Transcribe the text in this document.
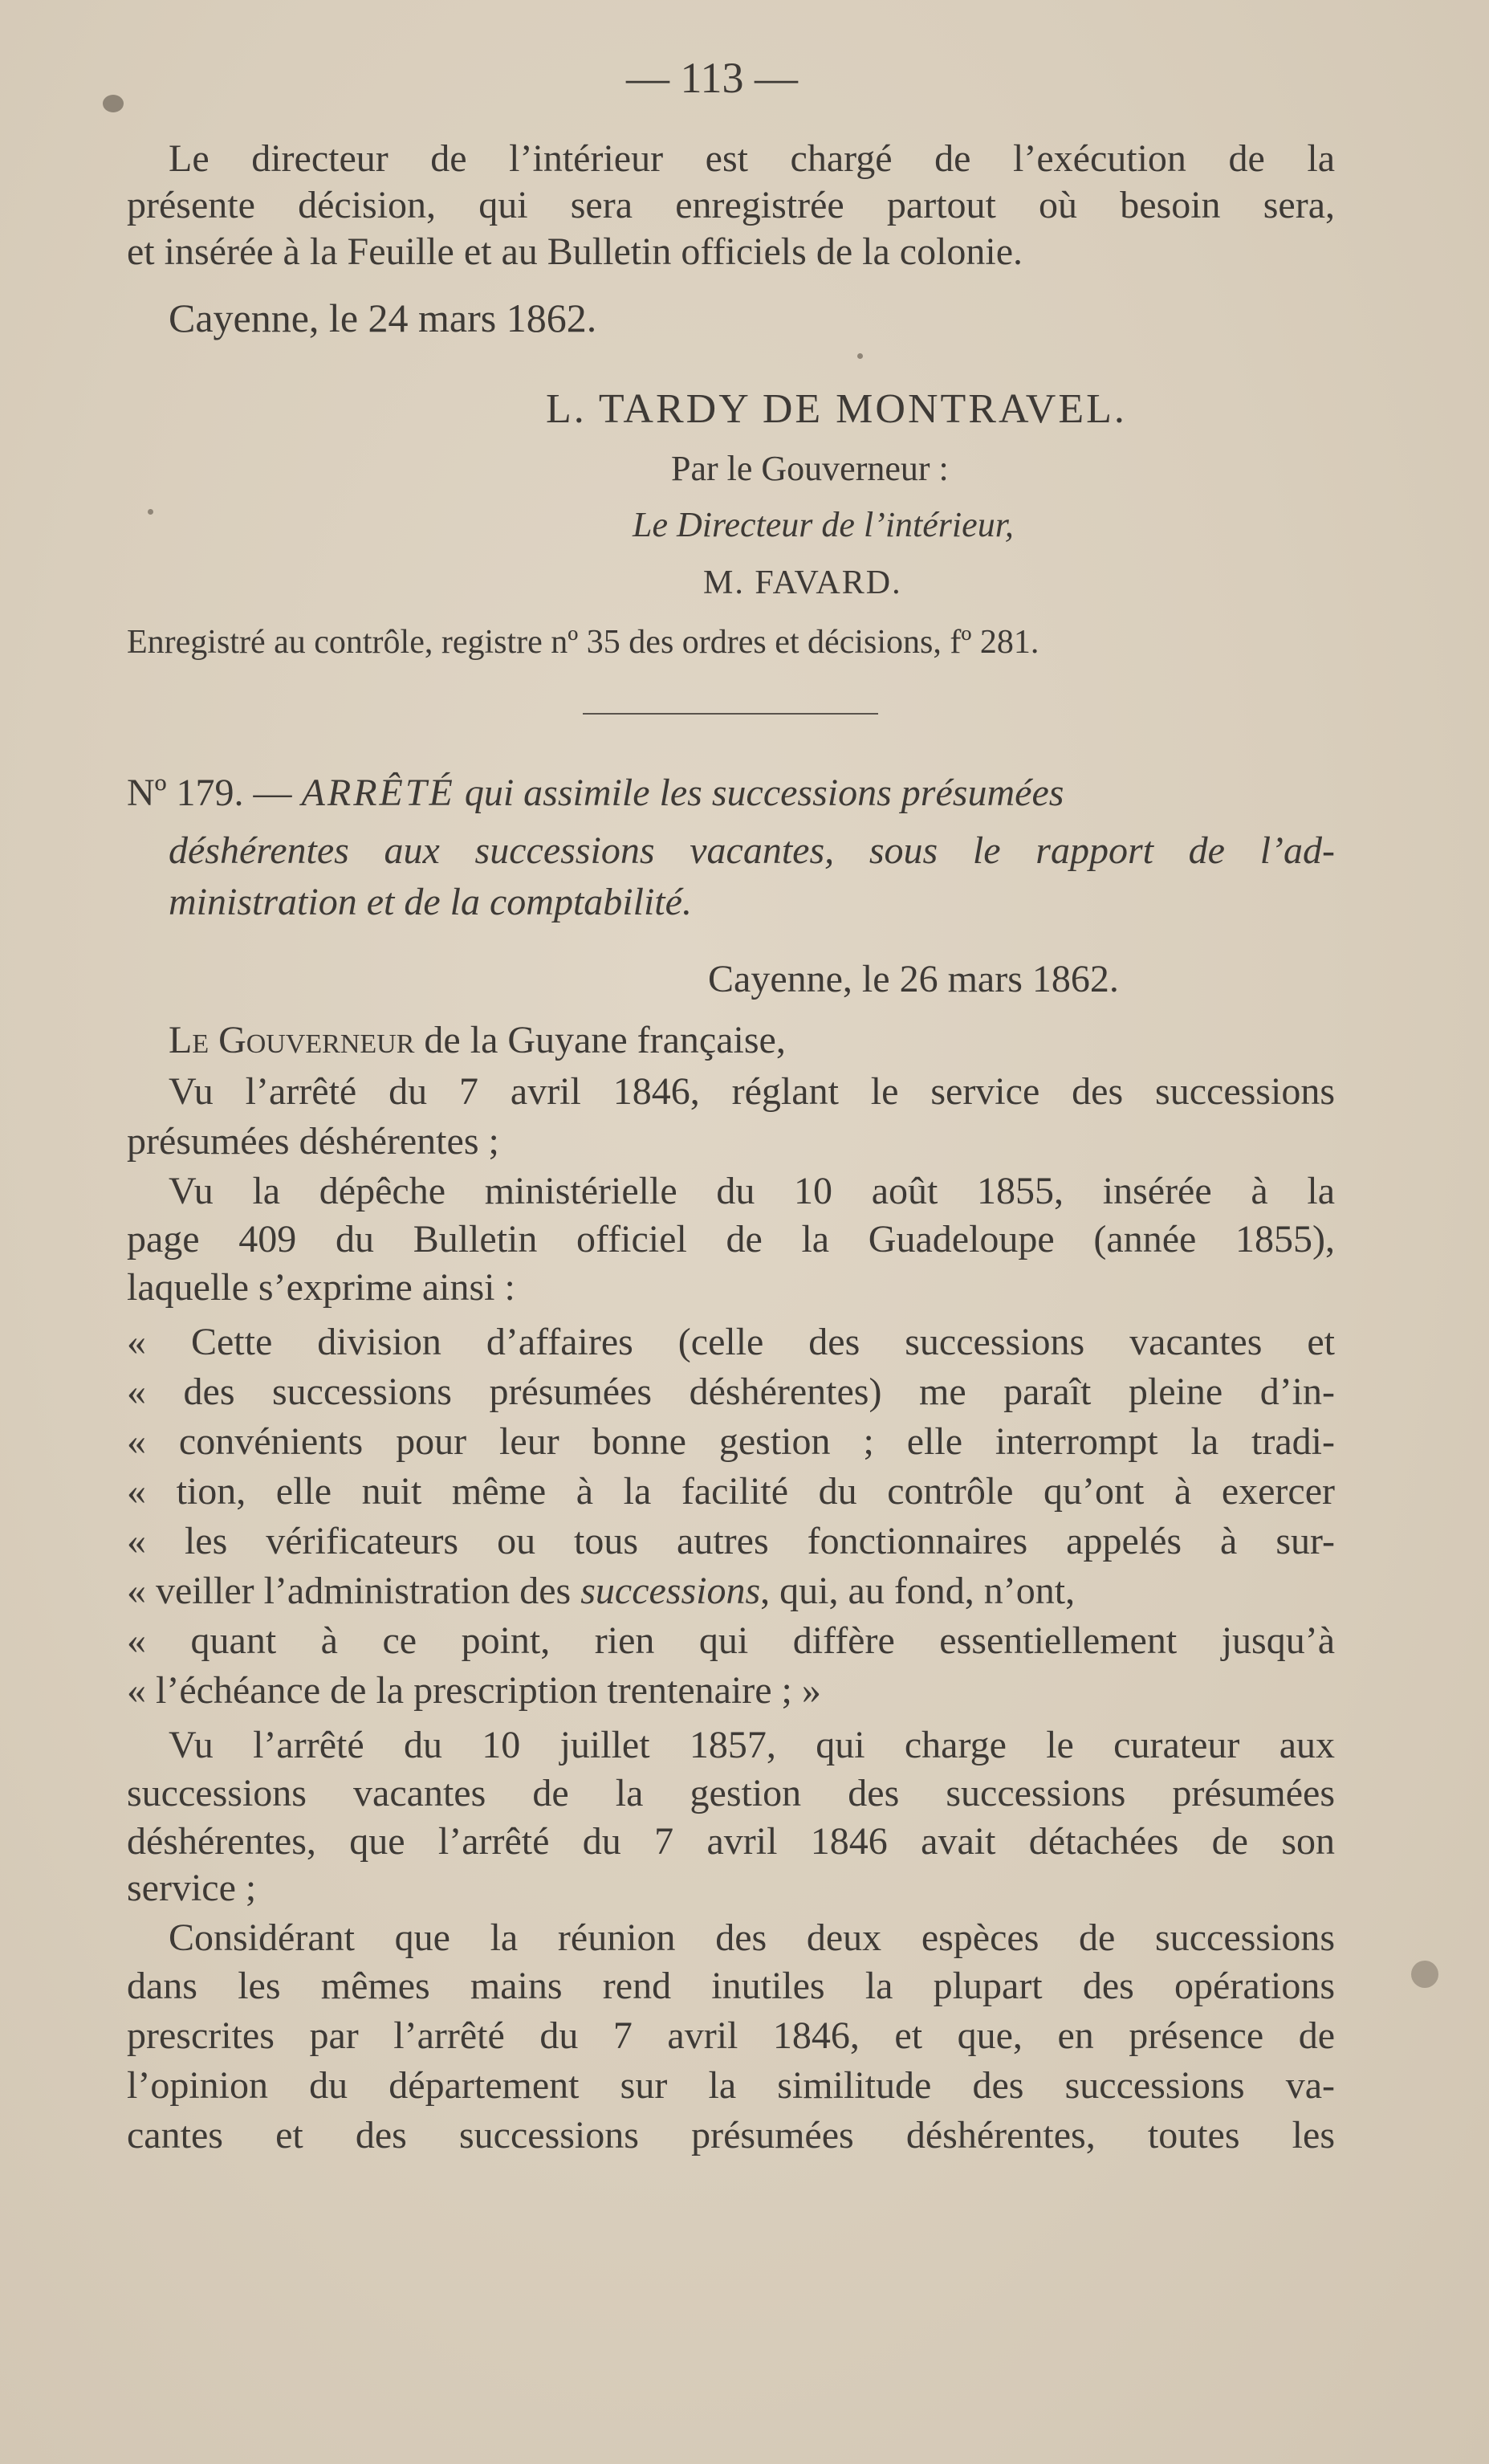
— 113 —
Le directeur de l’intérieur est chargé de l’exécution de la
présente décision, qui sera enregistrée partout où besoin sera,
et insérée à la Feuille et au Bulletin officiels de la colonie.
Cayenne, le 24 mars 1862.
L. TARDY DE MONTRAVEL.
Par le Gouverneur :
Le Directeur de l’intérieur,
M. FAVARD.
Enregistré au contrôle, registre nº 35 des ordres et décisions, fº 281.
Nº 179. — ARRÊTÉ qui assimile les successions présumées
déshérentes aux successions vacantes, sous le rapport de l’ad-
ministration et de la comptabilité.
Cayenne, le 26 mars 1862.
Le Gouverneur de la Guyane française,
Vu l’arrêté du 7 avril 1846, réglant le service des successions
présumées déshérentes ;
Vu la dépêche ministérielle du 10 août 1855, insérée à la
page 409 du Bulletin officiel de la Guadeloupe (année 1855),
laquelle s’exprime ainsi :
« Cette division d’affaires (celle des successions vacantes et
« des successions présumées déshérentes) me paraît pleine d’in-
« convénients pour leur bonne gestion ; elle interrompt la tradi-
« tion, elle nuit même à la facilité du contrôle qu’ont à exercer
« les vérificateurs ou tous autres fonctionnaires appelés à sur-
« veiller l’administration des successions, qui, au fond, n’ont,
« quant à ce point, rien qui diffère essentiellement jusqu’à
« l’échéance de la prescription trentenaire ; »
Vu l’arrêté du 10 juillet 1857, qui charge le curateur aux
successions vacantes de la gestion des successions présumées
déshérentes, que l’arrêté du 7 avril 1846 avait détachées de son
service ;
Considérant que la réunion des deux espèces de successions
dans les mêmes mains rend inutiles la plupart des opérations
prescrites par l’arrêté du 7 avril 1846, et que, en présence de
l’opinion du département sur la similitude des successions va-
cantes et des successions présumées déshérentes, toutes les
